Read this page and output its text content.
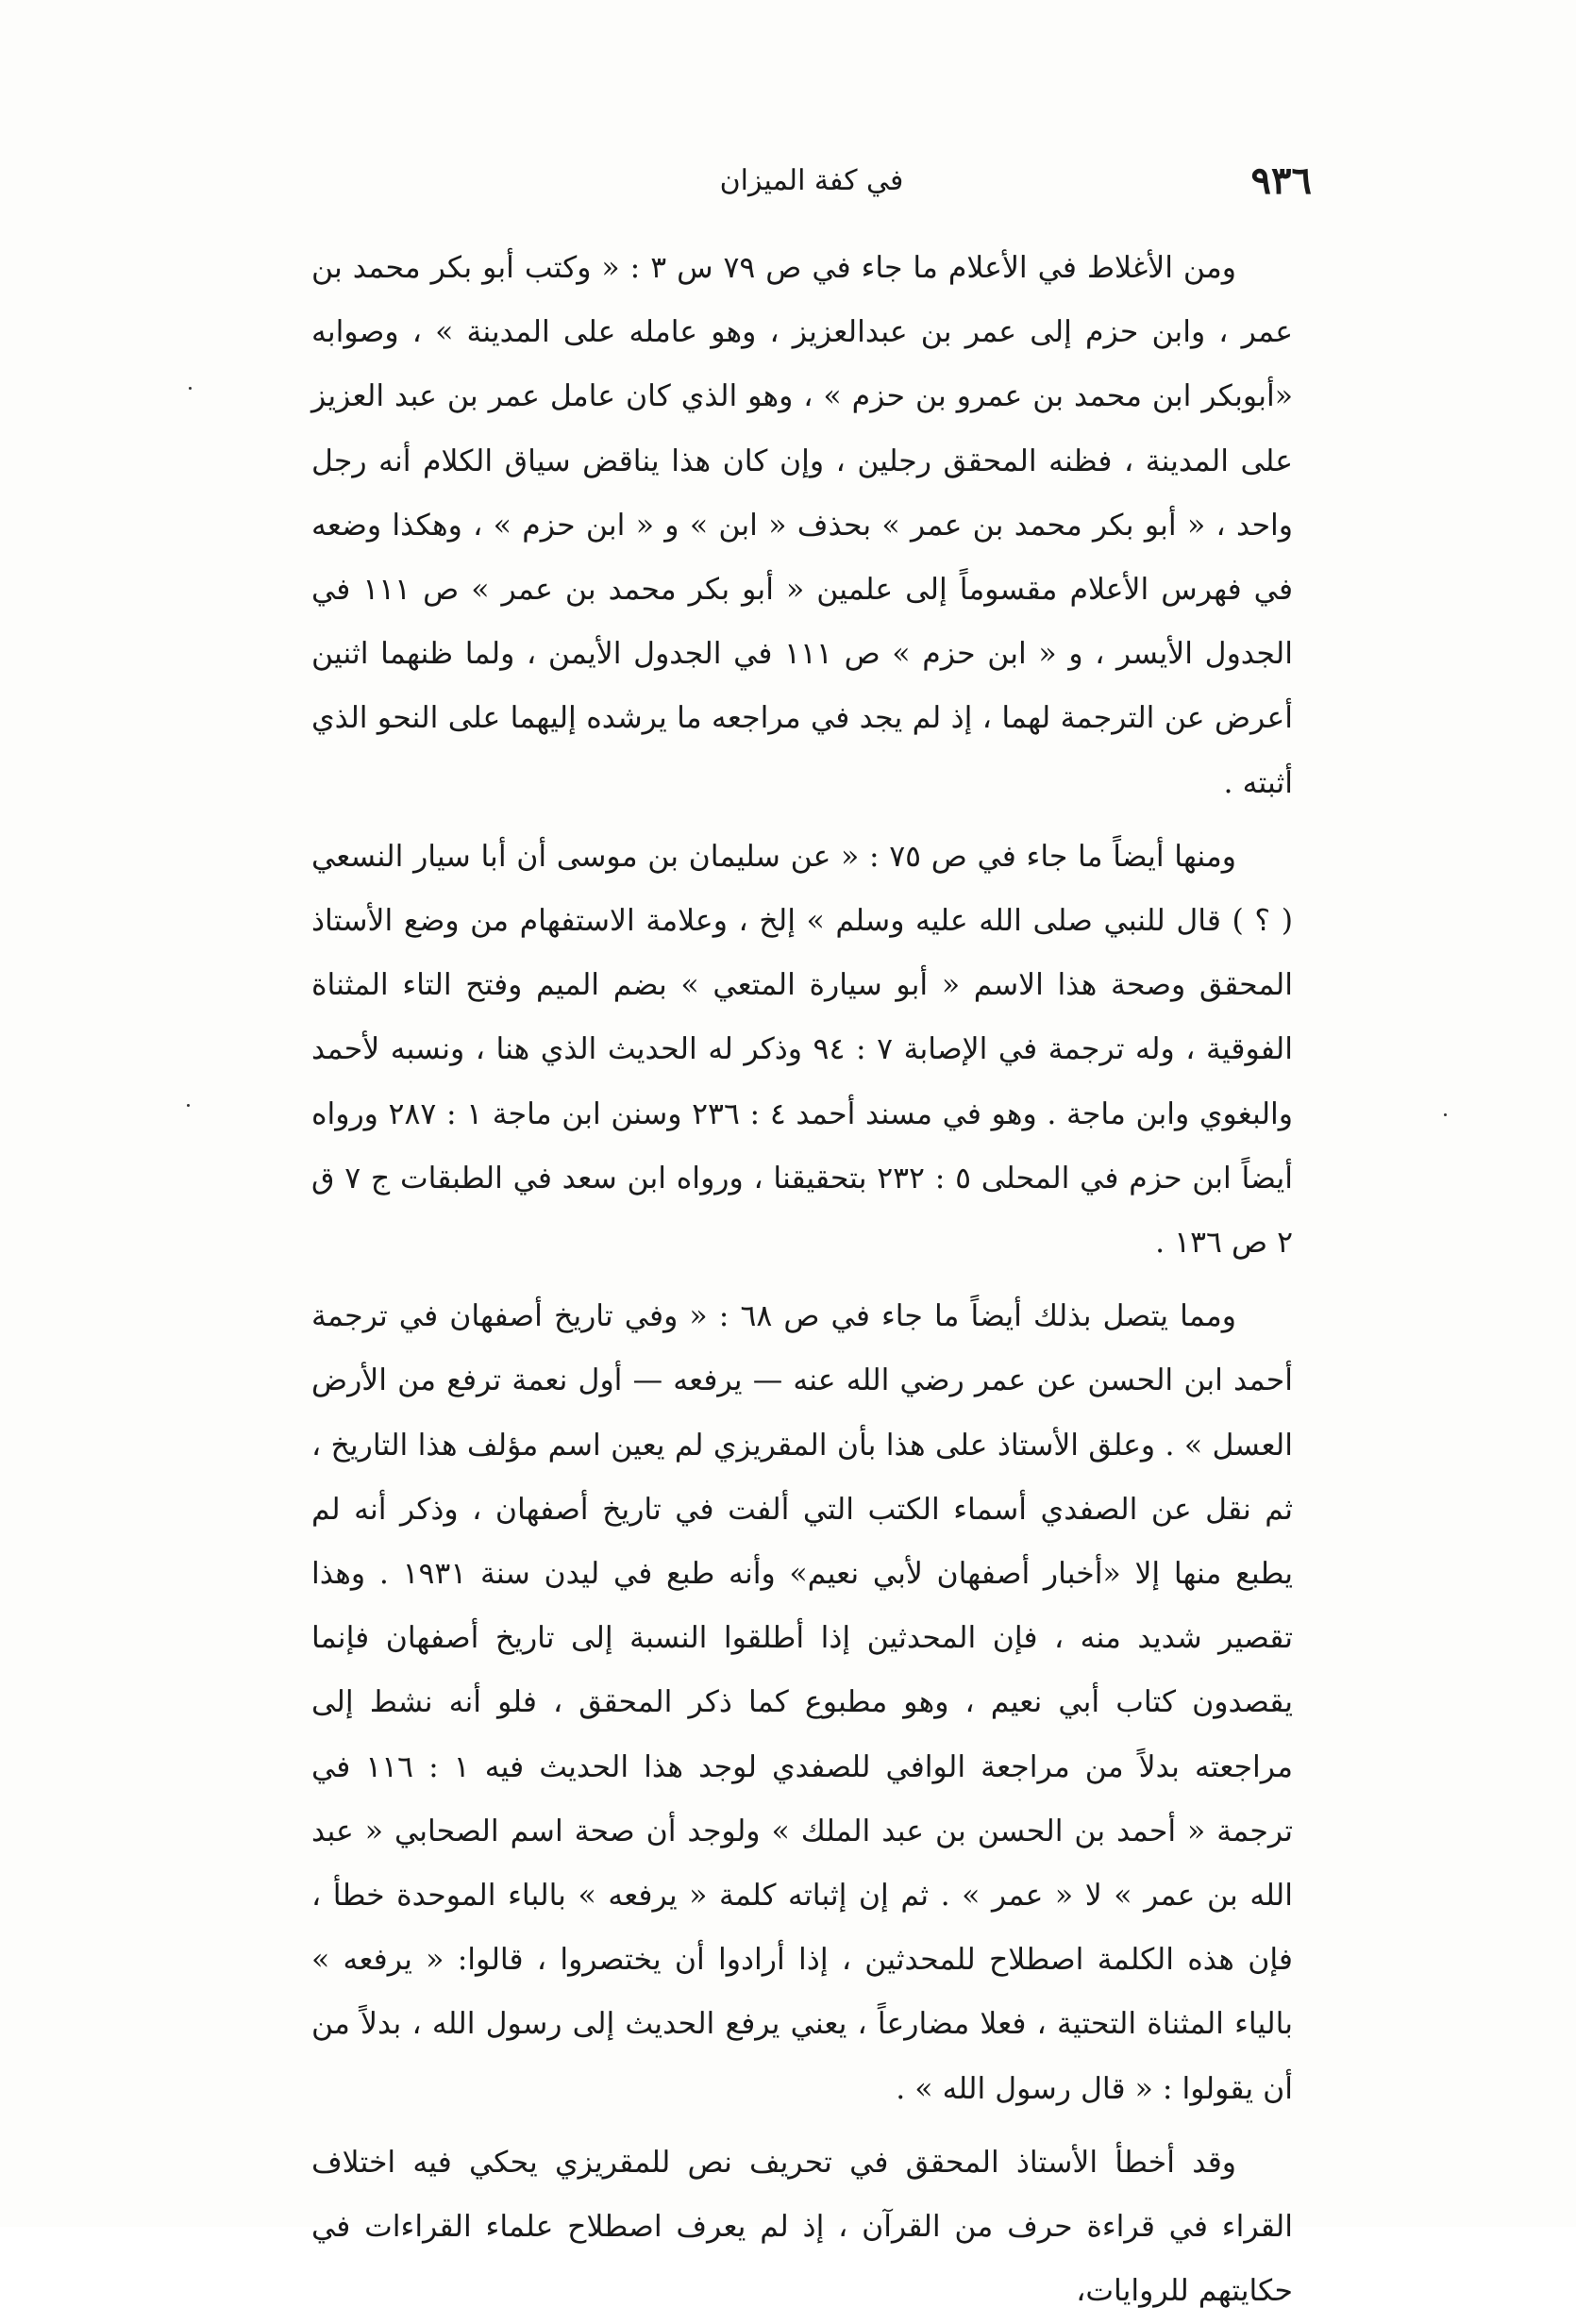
٩٣٦
في كفة الميزان

ومن الأغلاط في الأعلام ما جاء في ص ٧٩ س ٣ : « وكتب أبو بكر محمد بن عمر ، وابن حزم إلى عمر بن عبدالعزيز ، وهو عامله على المدينة » ، وصوابه «أبوبكر ابن محمد بن عمرو بن حزم » ، وهو الذي كان عامل عمر بن عبد العزيز على المدينة ، فظنه المحقق رجلين ، وإن كان هذا يناقض سياق الكلام أنه رجل واحد ، « أبو بكر محمد بن عمر » بحذف « ابن » و « ابن حزم » ، وهكذا وضعه في فهرس الأعلام مقسوماً إلى علمين « أبو بكر محمد بن عمر » ص ١١١ في الجدول الأيسر ، و « ابن حزم » ص ١١١ في الجدول الأيمن ، ولما ظنهما اثنين أعرض عن الترجمة لهما ، إذ لم يجد في مراجعه ما يرشده إليهما على النحو الذي أثبته .

ومنها أيضاً ما جاء في ص ٧٥ : « عن سليمان بن موسى أن أبا سيار النسعي ( ؟ ) قال للنبي صلى الله عليه وسلم » إلخ ، وعلامة الاستفهام من وضع الأستاذ المحقق وصحة هذا الاسم « أبو سيارة المتعي » بضم الميم وفتح التاء المثناة الفوقية ، وله ترجمة في الإصابة ٧ : ٩٤ وذكر له الحديث الذي هنا ، ونسبه لأحمد والبغوي وابن ماجة . وهو في مسند أحمد ٤ : ٢٣٦ وسنن ابن ماجة ١ : ٢٨٧ ورواه أيضاً ابن حزم في المحلى ٥ : ٢٣٢ بتحقيقنا ، ورواه ابن سعد في الطبقات ج ٧ ق ٢ ص ١٣٦ .

ومما يتصل بذلك أيضاً ما جاء في ص ٦٨ : « وفي تاريخ أصفهان في ترجمة أحمد ابن الحسن عن عمر رضي الله عنه — يرفعه — أول نعمة ترفع من الأرض العسل » . وعلق الأستاذ على هذا بأن المقريزي لم يعين اسم مؤلف هذا التاريخ ، ثم نقل عن الصفدي أسماء الكتب التي ألفت في تاريخ أصفهان ، وذكر أنه لم يطبع منها إلا «أخبار أصفهان لأبي نعيم» وأنه طبع في ليدن سنة ١٩٣١ . وهذا تقصير شديد منه ، فإن المحدثين إذا أطلقوا النسبة إلى تاريخ أصفهان فإنما يقصدون كتاب أبي نعيم ، وهو مطبوع كما ذكر المحقق ، فلو أنه نشط إلى مراجعته بدلاً من مراجعة الوافي للصفدي لوجد هذا الحديث فيه ١ : ١١٦ في ترجمة « أحمد بن الحسن بن عبد الملك » ولوجد أن صحة اسم الصحابي « عبد الله بن عمر » لا « عمر » . ثم إن إثباته كلمة « يرفعه » بالباء الموحدة خطأ ، فإن هذه الكلمة اصطلاح للمحدثين ، إذا أرادوا أن يختصروا ، قالوا: « يرفعه » بالياء المثناة التحتية ، فعلا مضارعاً ، يعني يرفع الحديث إلى رسول الله ، بدلاً من أن يقولوا : « قال رسول الله » .

وقد أخطأ الأستاذ المحقق في تحريف نص للمقريزي يحكي فيه اختلاف القراء في قراءة حرف من القرآن ، إذ لم يعرف اصطلاح علماء القراءات في حكايتهم للروايات،
